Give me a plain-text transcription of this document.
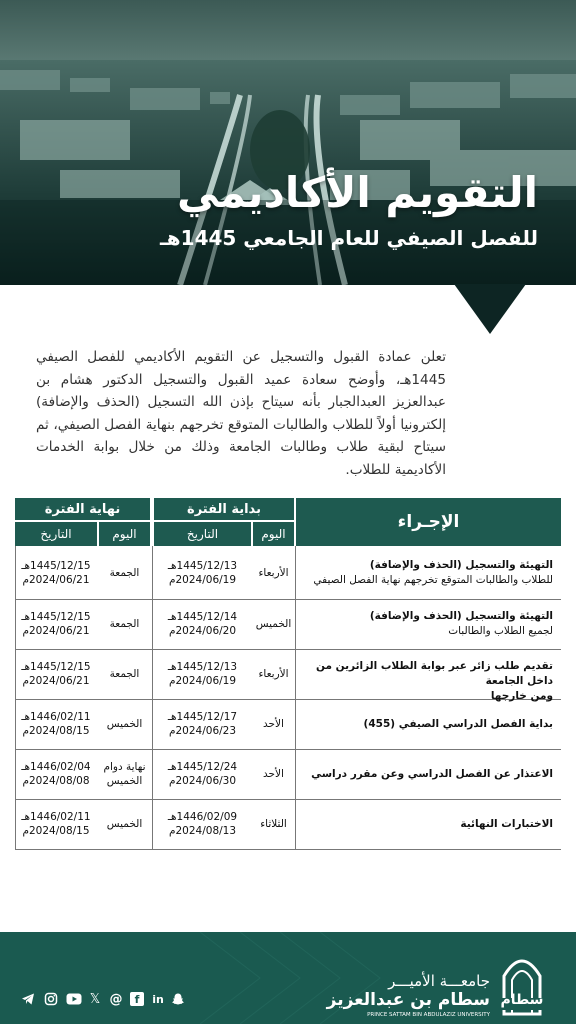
التقويم الأكاديمي
للفصل الصيفي للعام الجامعي 1445هـ
تعلن عمادة القبول والتسجيل عن التقويم الأكاديمي للفصل الصيفي 1445هـ، وأوضح سعادة عميد القبول والتسجيل الدكتور هشام بن عبدالعزيز العبدالجبار بأنه سيتاح بإذن الله التسجيل (الحذف والإضافة) إلكترونيا أولاً للطلاب والطالبات المتوقع تخرجهم بنهاية الفصل الصيفي، ثم سيتاح لبقية طلاب وطالبات الجامعة وذلك من خلال بوابة الخدمات الأكاديمية للطلاب.
الإجـراء
بداية الفترة
نهاية الفترة
اليوم
التاريخ
اليوم
التاريخ
التهيئة والتسجيل (الحذف والإضافة)
للطلاب والطالبات المتوقع تخرجهم نهاية الفصل الصيفي
الأربعاء
1445/12/13هـ
2024/06/19م
الجمعة
1445/12/15هـ
2024/06/21م
التهيئة والتسجيل (الحذف والإضافة)
لجميع الطلاب والطالبات
الخميس
1445/12/14هـ
2024/06/20م
الجمعة
1445/12/15هـ
2024/06/21م
تقديم طلب زائر عبر بوابة الطلاب الزائرين من داخل الجامعة
ومن خارجها
الأربعاء
1445/12/13هـ
2024/06/19م
الجمعة
1445/12/15هـ
2024/06/21م
بداية الفصل الدراسي الصيفي (455)
الأحد
1445/12/17هـ
2024/06/23م
الخميس
1446/02/11هـ
2024/08/15م
الاعتذار عن الفصل الدراسي وعن مقرر دراسي
الأحد
1445/12/24هـ
2024/06/30م
نهاية دوام الخميس
1446/02/04هـ
2024/08/08م
الاختبارات النهائية
الثلاثاء
1446/02/09هـ
2024/08/13م
الخميس
1446/02/11هـ
2024/08/15م
سطام
جامعـــة الأميـــر
سطام بن عبدالعزيز
PRINCE SATTAM BIN ABDULAZIZ UNIVERSITY
𝕏 @	f	in
